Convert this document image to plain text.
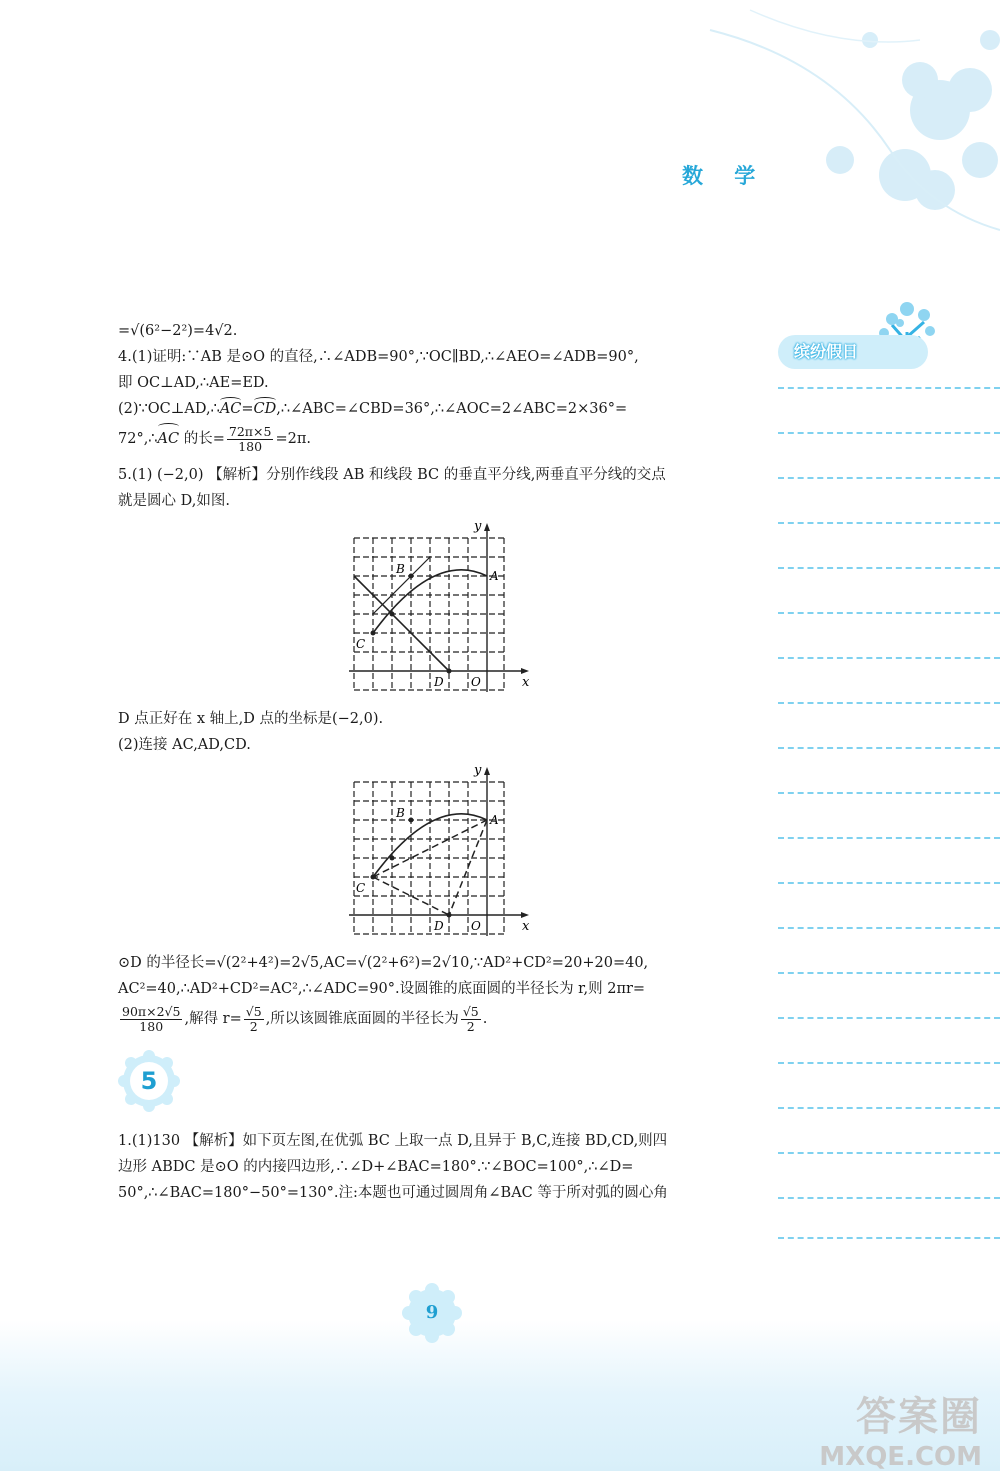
数 学
=√(6²−2²)=4√2.
4.(1)证明:∵AB 是⊙O 的直径,∴∠ADB=90°,∵OC∥BD,∴∠AEO=∠ADB=90°,
即 OC⊥AD,∴AE=ED.
(2)∵OC⊥AD,∴AC=CD,∴∠ABC=∠CBD=36°,∴∠AOC=2∠ABC=2×36°=
72°,∴AC 的长= $\frac{72\pi\times 5}{180} =2\pi$.
5.(1) (−2,0) 【解析】分别作线段 AB 和线段 BC 的垂直平分线,两垂直平分线的交点
就是圆心 D,如图.
y
x
A
B
C
D O
D 点正好在 x 轴上,D 点的坐标是(−2,0).
(2)连接 AC,AD,CD.
y
x
A
B
C
D O
⊙D 的半径长=√(2²+4²)=2√5,AC=√(2²+6²)=2√10,∵AD²+CD²=20+20=40,
AC²=40,∴AD²+CD²=AC²,∴∠ADC=90°.设圆锥的底面圆的半径长为 r,则 2πr=
$\frac{90\pi\times 2√5}{180}$ ,解得 $r= \frac{√5}{2}$ ,所以该圆锥底面圆的半径长为 $\frac{√5}{2}$ .
5
1.(1)130 【解析】如下页左图,在优弧 BC 上取一点 D,且异于 B,C,连接 BD,CD,则四
边形 ABDC 是⊙O 的内接四边形,∴∠D+∠BAC=180°.∵∠BOC=100°,∴∠D=
50°,∴∠BAC=180°−50°=130°.注:本题也可通过圆周角∠BAC 等于所对弧的圆心角
缤纷假日
9
答案圈
MXQE.COM
